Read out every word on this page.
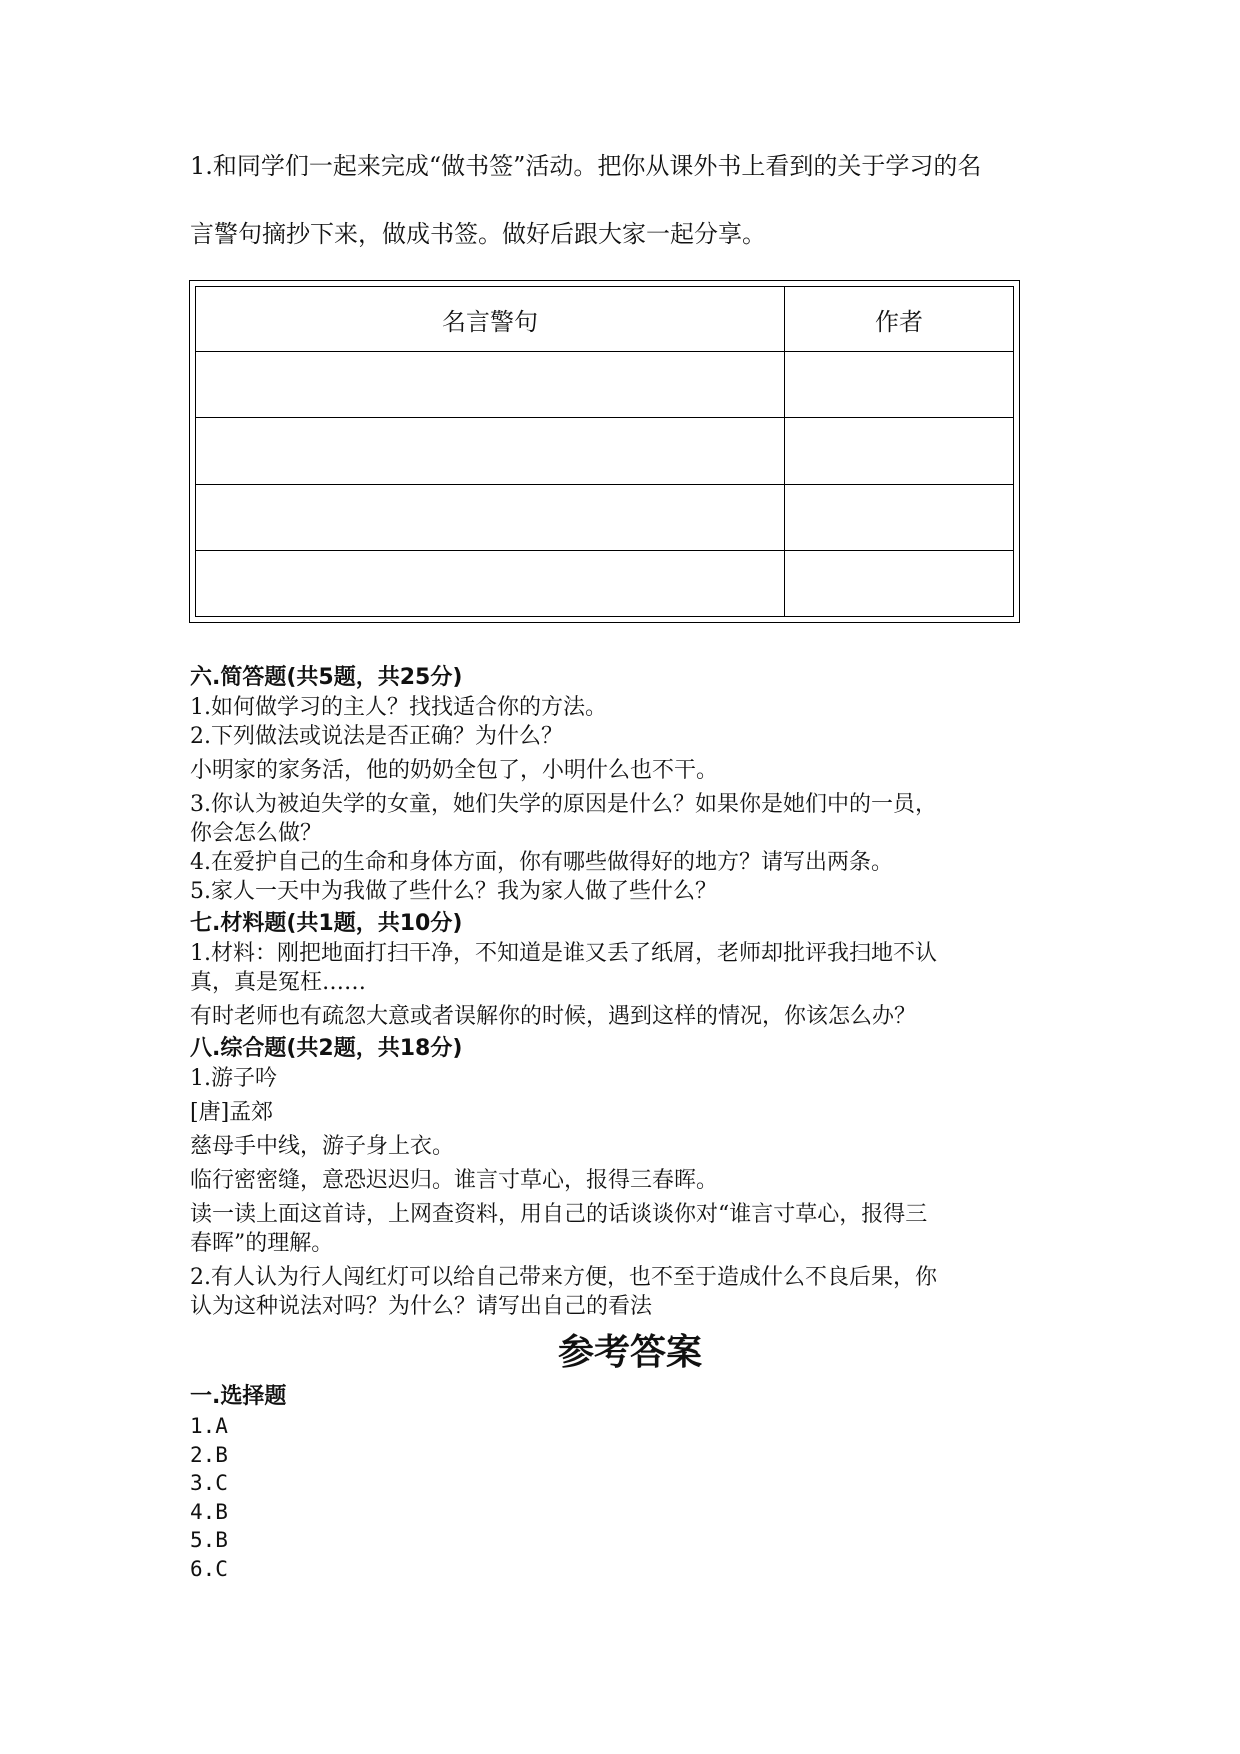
1.和同学们一起来完成“做书签”活动。把你从课外书上看到的关于学习的名

言警句摘抄下来，做成书签。做好后跟大家一起分享。

名言警句	作者

六.简答题(共5题，共25分)

1.如何做学习的主人？找找适合你的方法。

2.下列做法或说法是否正确？为什么？

小明家的家务活，他的奶奶全包了，小明什么也不干。

3.你认为被迫失学的女童，她们失学的原因是什么？如果你是她们中的一员，

你会怎么做？

4.在爱护自己的生命和身体方面，你有哪些做得好的地方？请写出两条。

5.家人一天中为我做了些什么？我为家人做了些什么？

七.材料题(共1题，共10分)

1.材料：刚把地面打扫干净，不知道是谁又丢了纸屑，老师却批评我扫地不认

真，真是冤枉……

有时老师也有疏忽大意或者误解你的时候，遇到这样的情况，你该怎么办？

八.综合题(共2题，共18分)

1.游子吟

[唐]孟郊

慈母手中线，游子身上衣。

临行密密缝，意恐迟迟归。谁言寸草心，报得三春晖。

读一读上面这首诗，上网查资料，用自己的话谈谈你对“谁言寸草心，报得三

春晖”的理解。

2.有人认为行人闯红灯可以给自己带来方便，也不至于造成什么不良后果，你

认为这种说法对吗？为什么？请写出自己的看法

参考答案

一.选择题

1.A

2.B

3.C

4.B

5.B

6.C
